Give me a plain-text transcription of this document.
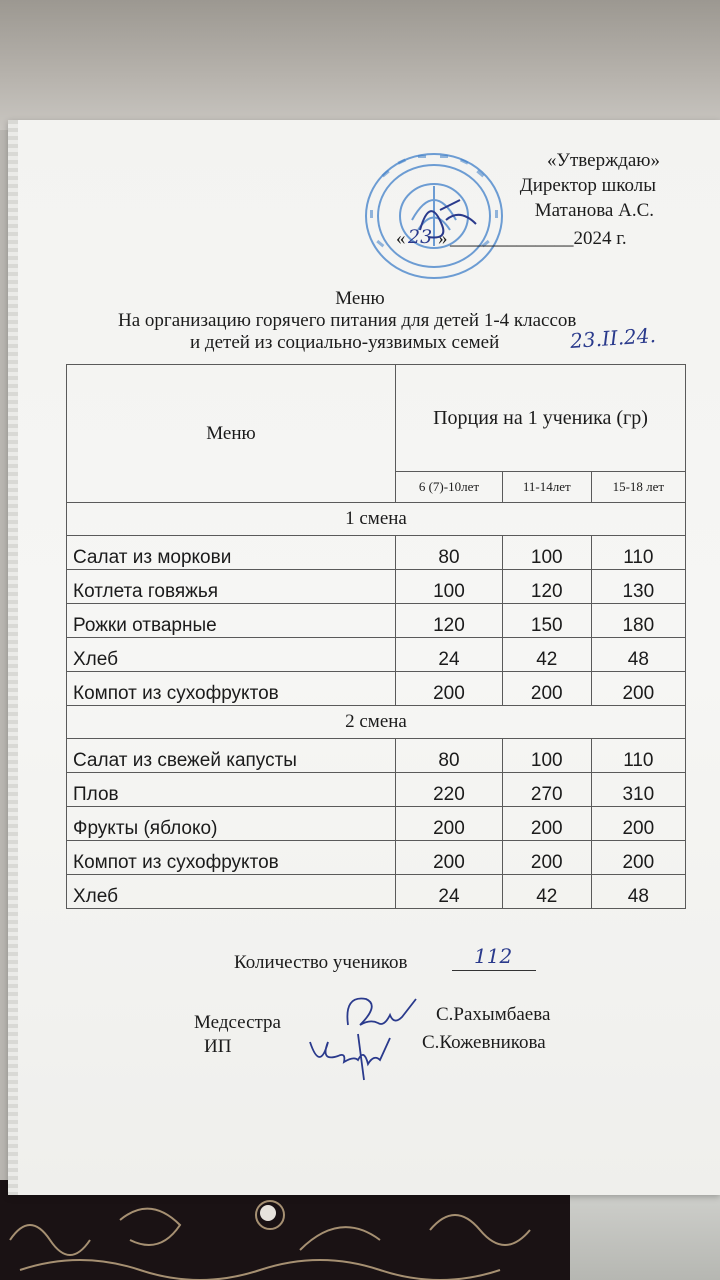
«Утверждаю»
Директор школы
Матанова А.С.
« 23 » _____________2024 г.
Меню
На организацию горячего питания для детей 1-4 классов
и детей из социально-уязвимых семей	23.II.24.
Меню	Порция на 1 ученика (гр)		
	6 (7)-10лет	11-14лет	15-18 лет
1 смена			
Салат из моркови	80	100	110
Котлета говяжья	100	120	130
Рожки отварные	120	150	180
Хлеб	24	42	48
Компот из сухофруктов	200	200	200
2 смена			
Салат из свежей капусты	80	100	110
Плов	220	270	310
Фрукты (яблоко)	200	200	200
Компот из сухофруктов	200	200	200
Хлеб	24	42	48
Количество учеников	112
Медсестра	С.Рахымбаева
ИП	С.Кожевникова
